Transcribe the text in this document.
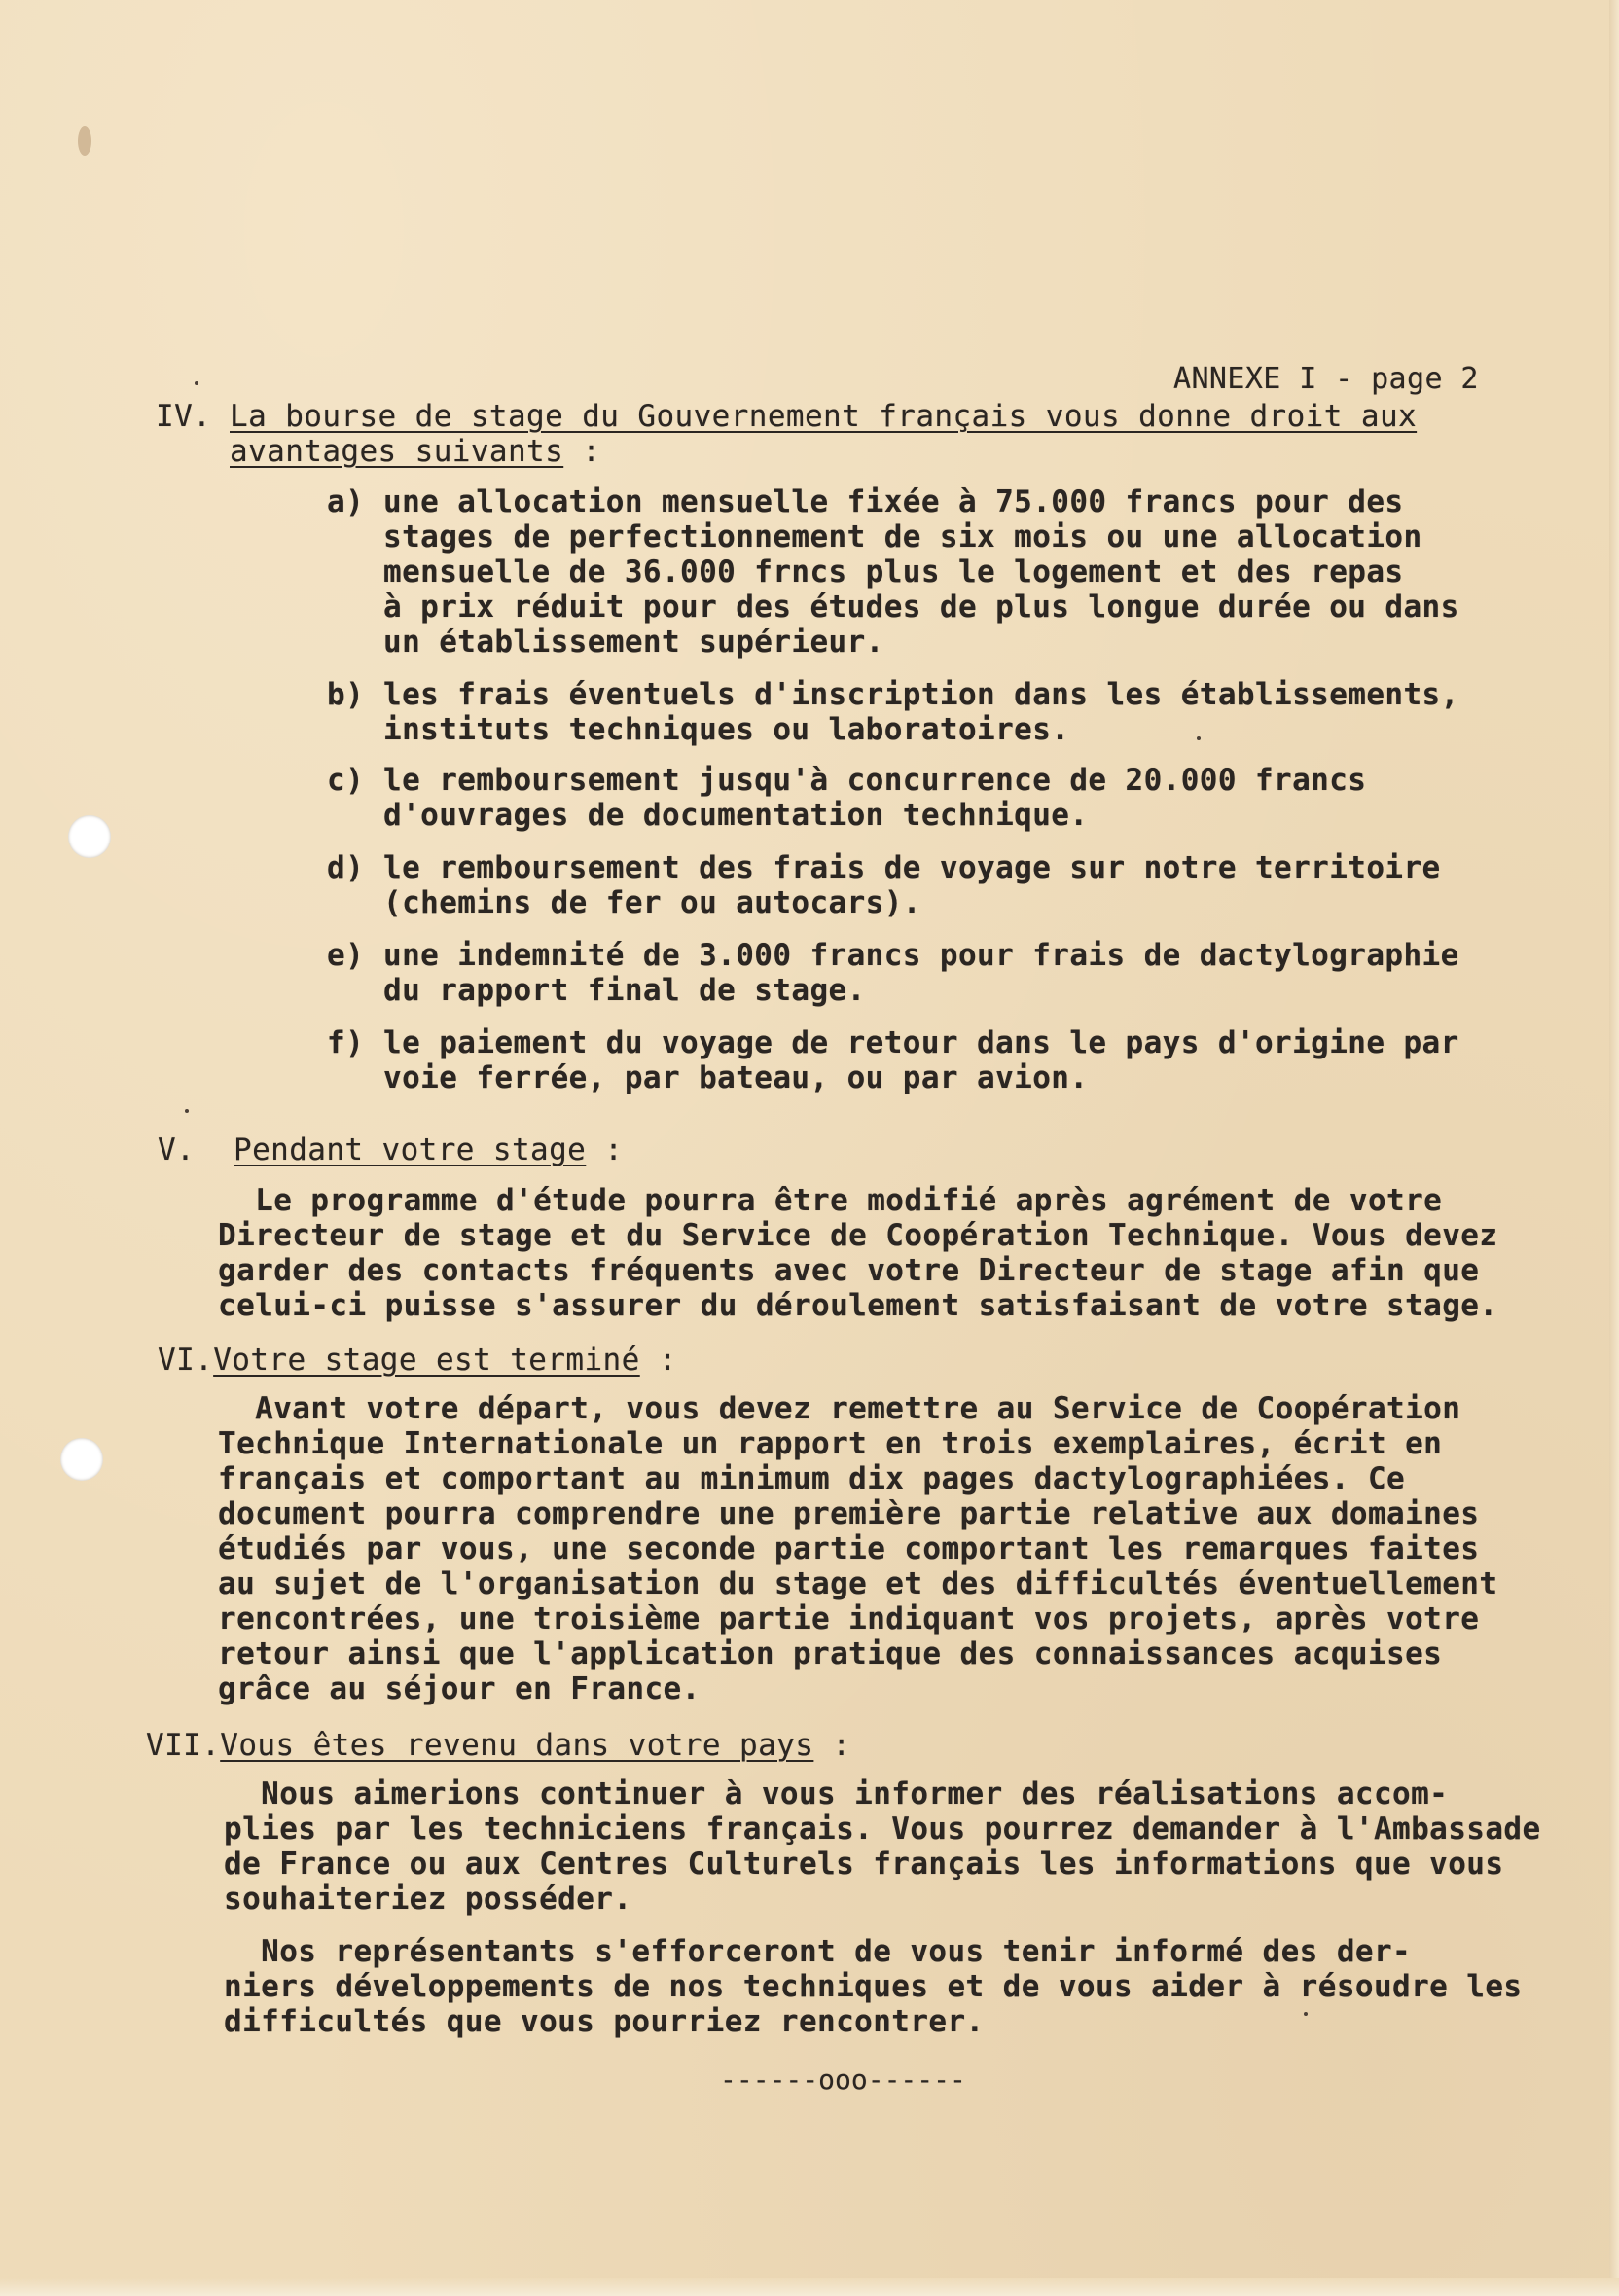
ANNEXE I - page 2
IV. La bourse de stage du Gouvernement français vous donne droit aux
avantages suivants :
a) une allocation mensuelle fixée à 75.000 francs pour des
stages de perfectionnement de six mois ou une allocation
mensuelle de 36.000 frncs plus le logement et des repas
à prix réduit pour des études de plus longue durée ou dans
un établissement supérieur.
b) les frais éventuels d'inscription dans les établissements,
instituts techniques ou laboratoires.
c) le remboursement jusqu'à concurrence de 20.000 francs
d'ouvrages de documentation technique.
d) le remboursement des frais de voyage sur notre territoire
(chemins de fer ou autocars).
e) une indemnité de 3.000 francs pour frais de dactylographie
du rapport final de stage.
f) le paiement du voyage de retour dans le pays d'origine par
voie ferrée, par bateau, ou par avion.
V. Pendant votre stage :
Le programme d'étude pourra être modifié après agrément de votre
Directeur de stage et du Service de Coopération Technique. Vous devez
garder des contacts fréquents avec votre Directeur de stage afin que
celui-ci puisse s'assurer du déroulement satisfaisant de votre stage.
VI.Votre stage est terminé :
Avant votre départ, vous devez remettre au Service de Coopération
Technique Internationale un rapport en trois exemplaires, écrit en
français et comportant au minimum dix pages dactylographiées. Ce
document pourra comprendre une première partie relative aux domaines
étudiés par vous, une seconde partie comportant les remarques faites
au sujet de l'organisation du stage et des difficultés éventuellement
rencontrées, une troisième partie indiquant vos projets, après votre
retour ainsi que l'application pratique des connaissances acquises
grâce au séjour en France.
VII.Vous êtes revenu dans votre pays :
Nous aimerions continuer à vous informer des réalisations accom-
plies par les techniciens français. Vous pourrez demander à l'Ambassade
de France ou aux Centres Culturels français les informations que vous
souhaiteriez posséder.
Nos représentants s'efforceront de vous tenir informé des der-
niers développements de nos techniques et de vous aider à résoudre les
difficultés que vous pourriez rencontrer.
------ooo------
